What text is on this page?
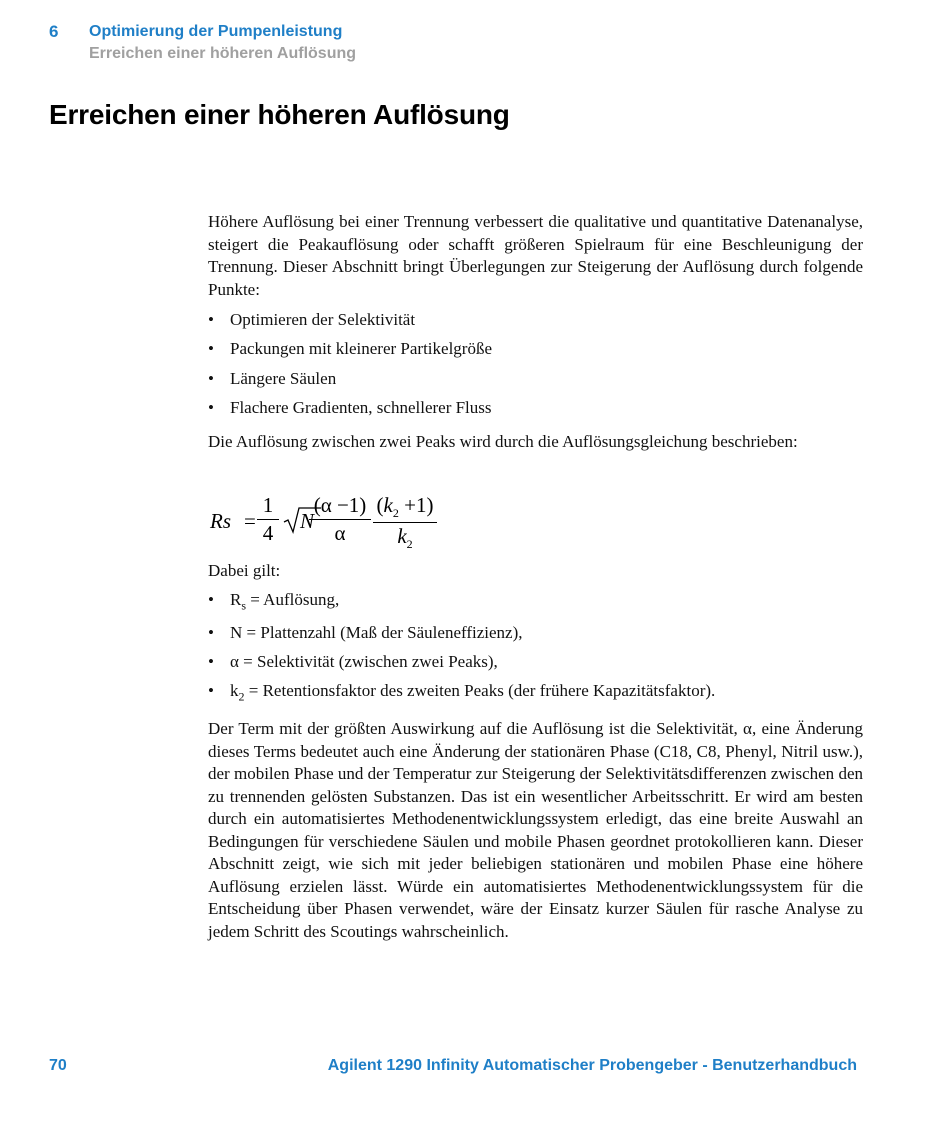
6 Optimierung der Pumpenleistung
Erreichen einer höheren Auflösung
Erreichen einer höheren Auflösung

Höhere Auflösung bei einer Trennung verbessert die qualitative und quantitative Datenanalyse, steigert die Peakauflösung oder schafft größeren Spielraum für eine Beschleunigung der Trennung. Dieser Abschnitt bringt Überlegungen zur Steigerung der Auflösung durch folgende Punkte:

• Optimieren der Selektivität
• Packungen mit kleinerer Partikelgröße
• Längere Säulen
• Flachere Gradienten, schnellerer Fluss

Die Auflösung zwischen zwei Peaks wird durch die Auflösungsgleichung beschrieben:

Rs =
1
4 N
(α −1)
α
$(k_2 +1)$
$k_2$

Dabei gilt:

• $R_s$ = Auflösung,
• N = Plattenzahl (Maß der Säuleneffizienz),
• α = Selektivität (zwischen zwei Peaks),
• $k_2$ = Retentionsfaktor des zweiten Peaks (der frühere Kapazitätsfaktor).

Der Term mit der größten Auswirkung auf die Auflösung ist die Selektivität, α, eine Änderung dieses Terms bedeutet auch eine Änderung der stationären Phase (C18, C8, Phenyl, Nitril usw.), der mobilen Phase und der Temperatur zur Steigerung der Selektivitätsdifferenzen zwischen den zu trennenden gelösten Substanzen. Das ist ein wesentlicher Arbeitsschritt. Er wird am besten durch ein automatisiertes Methodenentwicklungssystem erledigt, das eine breite Auswahl an Bedingungen für verschiedene Säulen und mobile Phasen geordnet protokollieren kann. Dieser Abschnitt zeigt, wie sich mit jeder beliebigen stationären und mobilen Phase eine höhere Auflösung erzielen lässt. Würde ein automatisiertes Methodenentwicklungssystem für die Entscheidung über Phasen verwendet, wäre der Einsatz kurzer Säulen für rasche Analyse zu jedem Schritt des Scoutings wahrscheinlich.

70	Agilent 1290 Infinity Automatischer Probengeber - Benutzerhandbuch
